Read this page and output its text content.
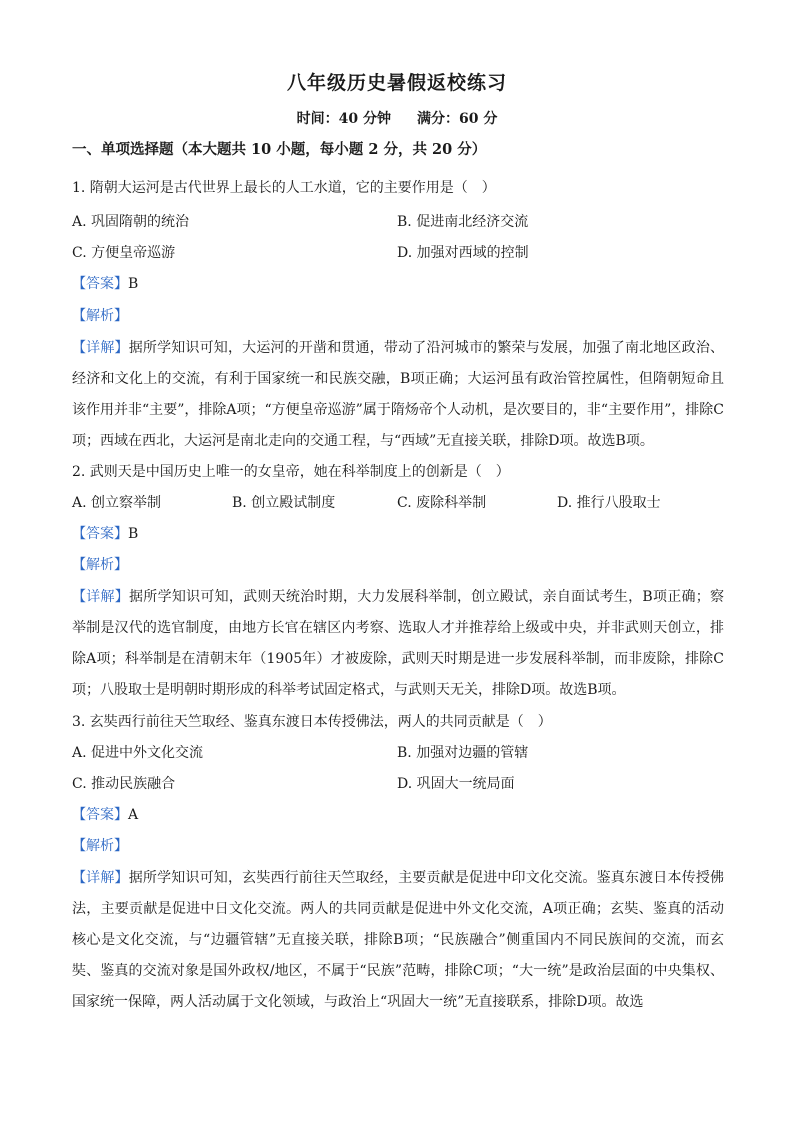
八年级历史暑假返校练习
时间：40 分钟 满分：60 分
一、单项选择题（本大题共 10 小题，每小题 2 分，共 20 分）
1. 隋朝大运河是古代世界上最长的人工水道，它的主要作用是（　）
A. 巩固隋朝的统治	B. 促进南北经济交流
C. 方便皇帝巡游	D. 加强对西域的控制
【答案】B
【解析】
【详解】据所学知识可知，大运河的开凿和贯通，带动了沿河城市的繁荣与发展，加强了南北地区政治、经济和文化上的交流，有利于国家统一和民族交融，B项正确；大运河虽有政治管控属性，但隋朝短命且该作用并非“主要”，排除A项；“方便皇帝巡游”属于隋炀帝个人动机，是次要目的，非“主要作用”，排除C项；西域在西北，大运河是南北走向的交通工程，与“西域”无直接关联，排除D项。故选B项。
2. 武则天是中国历史上唯一的女皇帝，她在科举制度上的创新是（　）
A. 创立察举制	B. 创立殿试制度	C. 废除科举制	D. 推行八股取士
【答案】B
【解析】
【详解】据所学知识可知，武则天统治时期，大力发展科举制，创立殿试，亲自面试考生，B项正确；察举制是汉代的选官制度，由地方长官在辖区内考察、选取人才并推荐给上级或中央，并非武则天创立，排除A项；科举制是在清朝末年（1905年）才被废除，武则天时期是进一步发展科举制，而非废除，排除C项；八股取士是明朝时期形成的科举考试固定格式，与武则天无关，排除D项。故选B项。
3. 玄奘西行前往天竺取经、鉴真东渡日本传授佛法，两人的共同贡献是（　）
A. 促进中外文化交流	B. 加强对边疆的管辖
C. 推动民族融合	D. 巩固大一统局面
【答案】A
【解析】
【详解】据所学知识可知，玄奘西行前往天竺取经，主要贡献是促进中印文化交流。鉴真东渡日本传授佛法，主要贡献是促进中日文化交流。两人的共同贡献是促进中外文化交流，A项正确；玄奘、鉴真的活动核心是文化交流，与“边疆管辖”无直接关联，排除B项；“民族融合”侧重国内不同民族间的交流，而玄奘、鉴真的交流对象是国外政权/地区，不属于“民族”范畴，排除C项；“大一统”是政治层面的中央集权、国家统一保障，两人活动属于文化领域，与政治上“巩固大一统”无直接联系，排除D项。故选
